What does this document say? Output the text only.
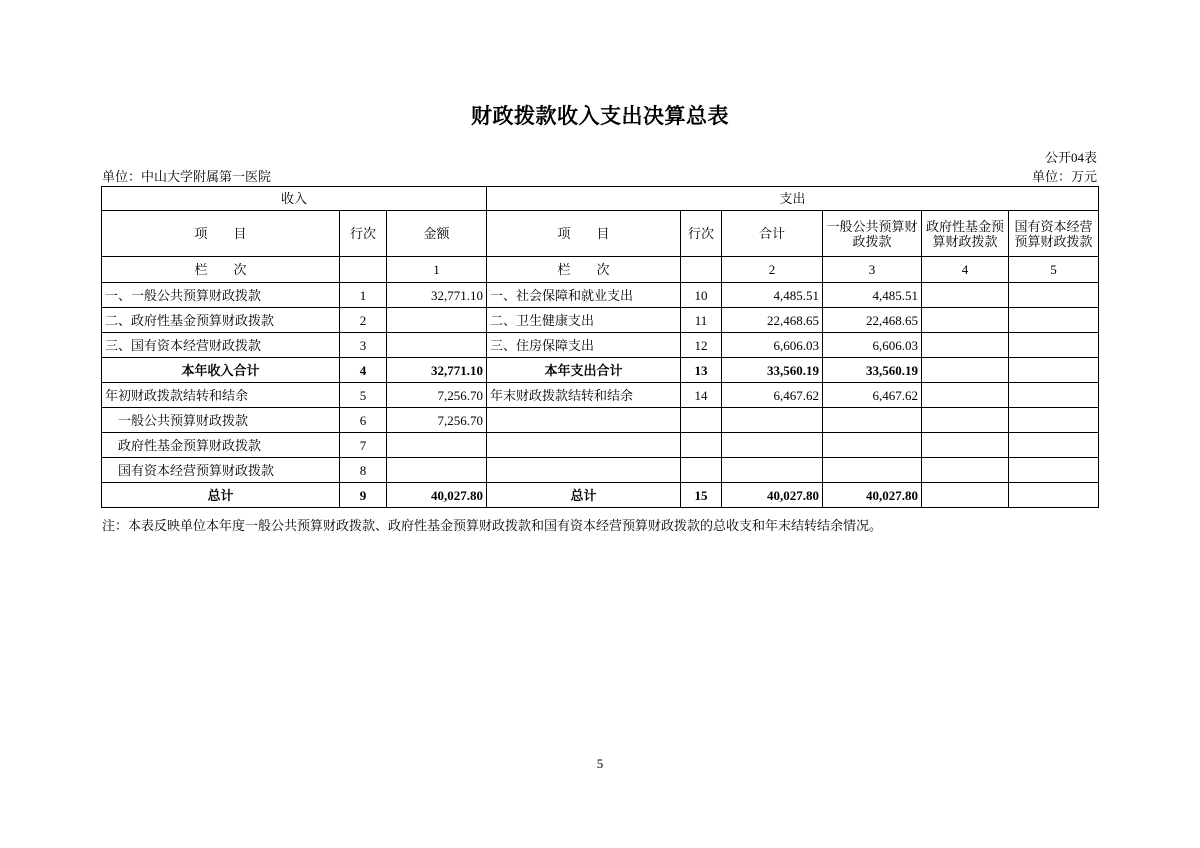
财政拨款收入支出决算总表
公开04表
单位：中山大学附属第一医院	单位：万元
收入			支出					
项　　目	行次	金额	项　　目	行次	合计	一般公共预算财政拨款	政府性基金预算财政拨款	国有资本经营预算财政拨款
栏　　次		1	栏　　次		2	3	4	5
一、一般公共预算财政拨款	1	32,771.10	一、社会保障和就业支出	10	4,485.51	4,485.51		
二、政府性基金预算财政拨款	2		二、卫生健康支出	11	22,468.65	22,468.65		
三、国有资本经营财政拨款	3		三、住房保障支出	12	6,606.03	6,606.03		
本年收入合计	4	32,771.10	本年支出合计	13	33,560.19	33,560.19		
年初财政拨款结转和结余	5	7,256.70	年末财政拨款结转和结余	14	6,467.62	6,467.62		
一般公共预算财政拨款	6	7,256.70						
政府性基金预算财政拨款	7							
国有资本经营预算财政拨款	8							
总计	9	40,027.80	总计	15	40,027.80	40,027.80		
注：本表反映单位本年度一般公共预算财政拨款、政府性基金预算财政拨款和国有资本经营预算财政拨款的总收支和年末结转结余情况。
5
